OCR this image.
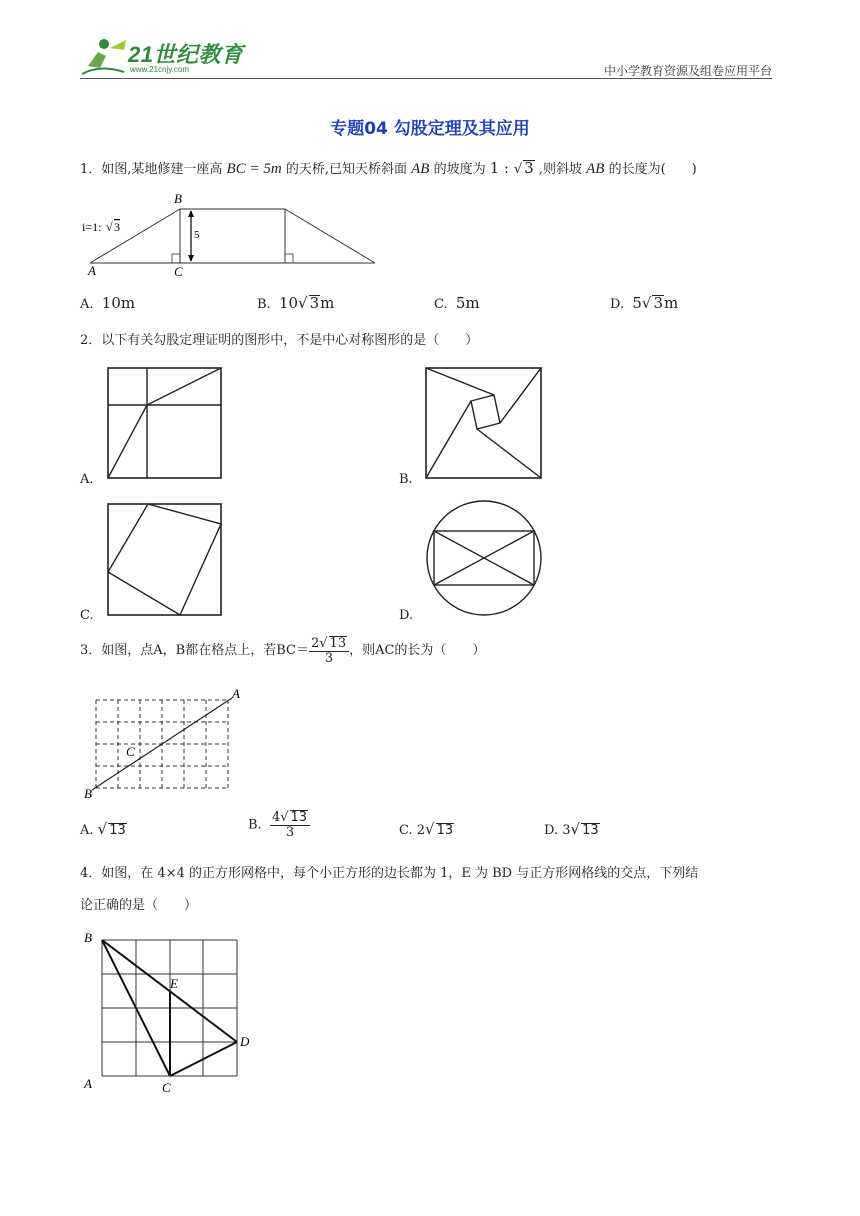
21世纪教育
www.21cnjy.com	中小学教育资源及组卷应用平台
专题04 勾股定理及其应用
1．如图,某地修建一座高 BC = 5m 的天桥,已知天桥斜面 AB 的坡度为 1 : √ 3 ,则斜坡 AB 的长度为(　　)
5
i=1: √ 3
A
B
C
A. 10m	B. 10√ 3m	C. 5m	D. 5√ 3m
2．以下有关勾股定理证明的图形中，不是中心对称图形的是（　　）
A.	B.
C.	D.
3．如图，点A，B都在格点上，若$BC= \frac{2√ 13}{3}$ ，则AC的长为（　　）
A
B
C
A. √ 13	B. $\frac{4√ 13}{3}$	C. 2√ 13	D. 3√ 13
4．如图，在 4×4 的正方形网格中，每个小正方形的边长都为 1，E 为 BD 与正方形网格线的交点，下列结
论正确的是（　　）
B
A	C
D
E
